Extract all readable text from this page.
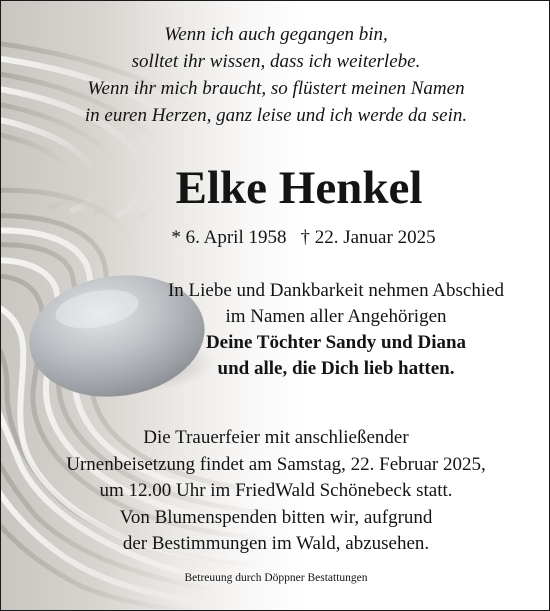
Wenn ich auch gegangen bin,
solltet ihr wissen, dass ich weiterlebe.
Wenn ihr mich braucht, so flüstert meinen Namen
in euren Herzen, ganz leise und ich werde da sein.
Elke Henkel
* 6. April 1958 † 22. Januar 2025
In Liebe und Dankbarkeit nehmen Abschied
im Namen aller Angehörigen
Deine Töchter Sandy und Diana
und alle, die Dich lieb hatten.
Die Trauerfeier mit anschließender
Urnenbeisetzung findet am Samstag, 22. Februar 2025,
um 12.00 Uhr im FriedWald Schönebeck statt.
Von Blumenspenden bitten wir, aufgrund
der Bestimmungen im Wald, abzusehen.
Betreuung durch Döppner Bestattungen
